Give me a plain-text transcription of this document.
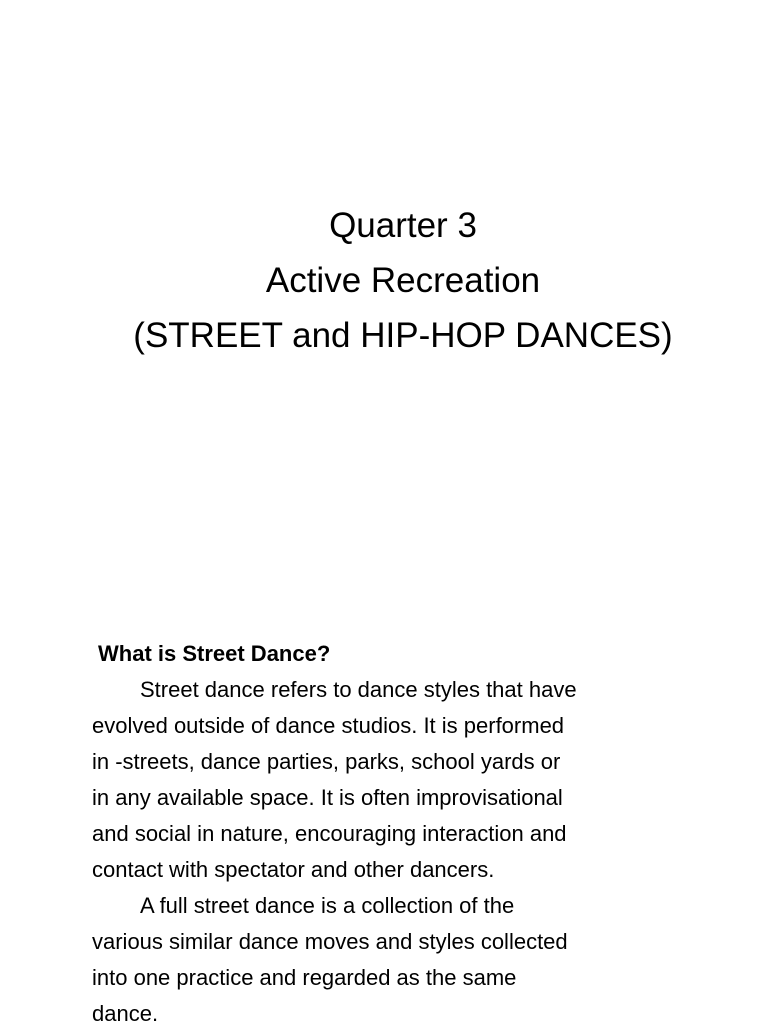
Quarter 3
Active Recreation
(STREET and HIP-HOP DANCES)
What is Street Dance?
Street dance refers to dance styles that have
evolved outside of dance studios. It is performed
in -streets, dance parties, parks, school yards or
in any available space. It is often improvisational
and social in nature, encouraging interaction and
contact with spectator and other dancers.
A full street dance is a collection of the
various similar dance moves and styles collected
into one practice and regarded as the same
dance.
